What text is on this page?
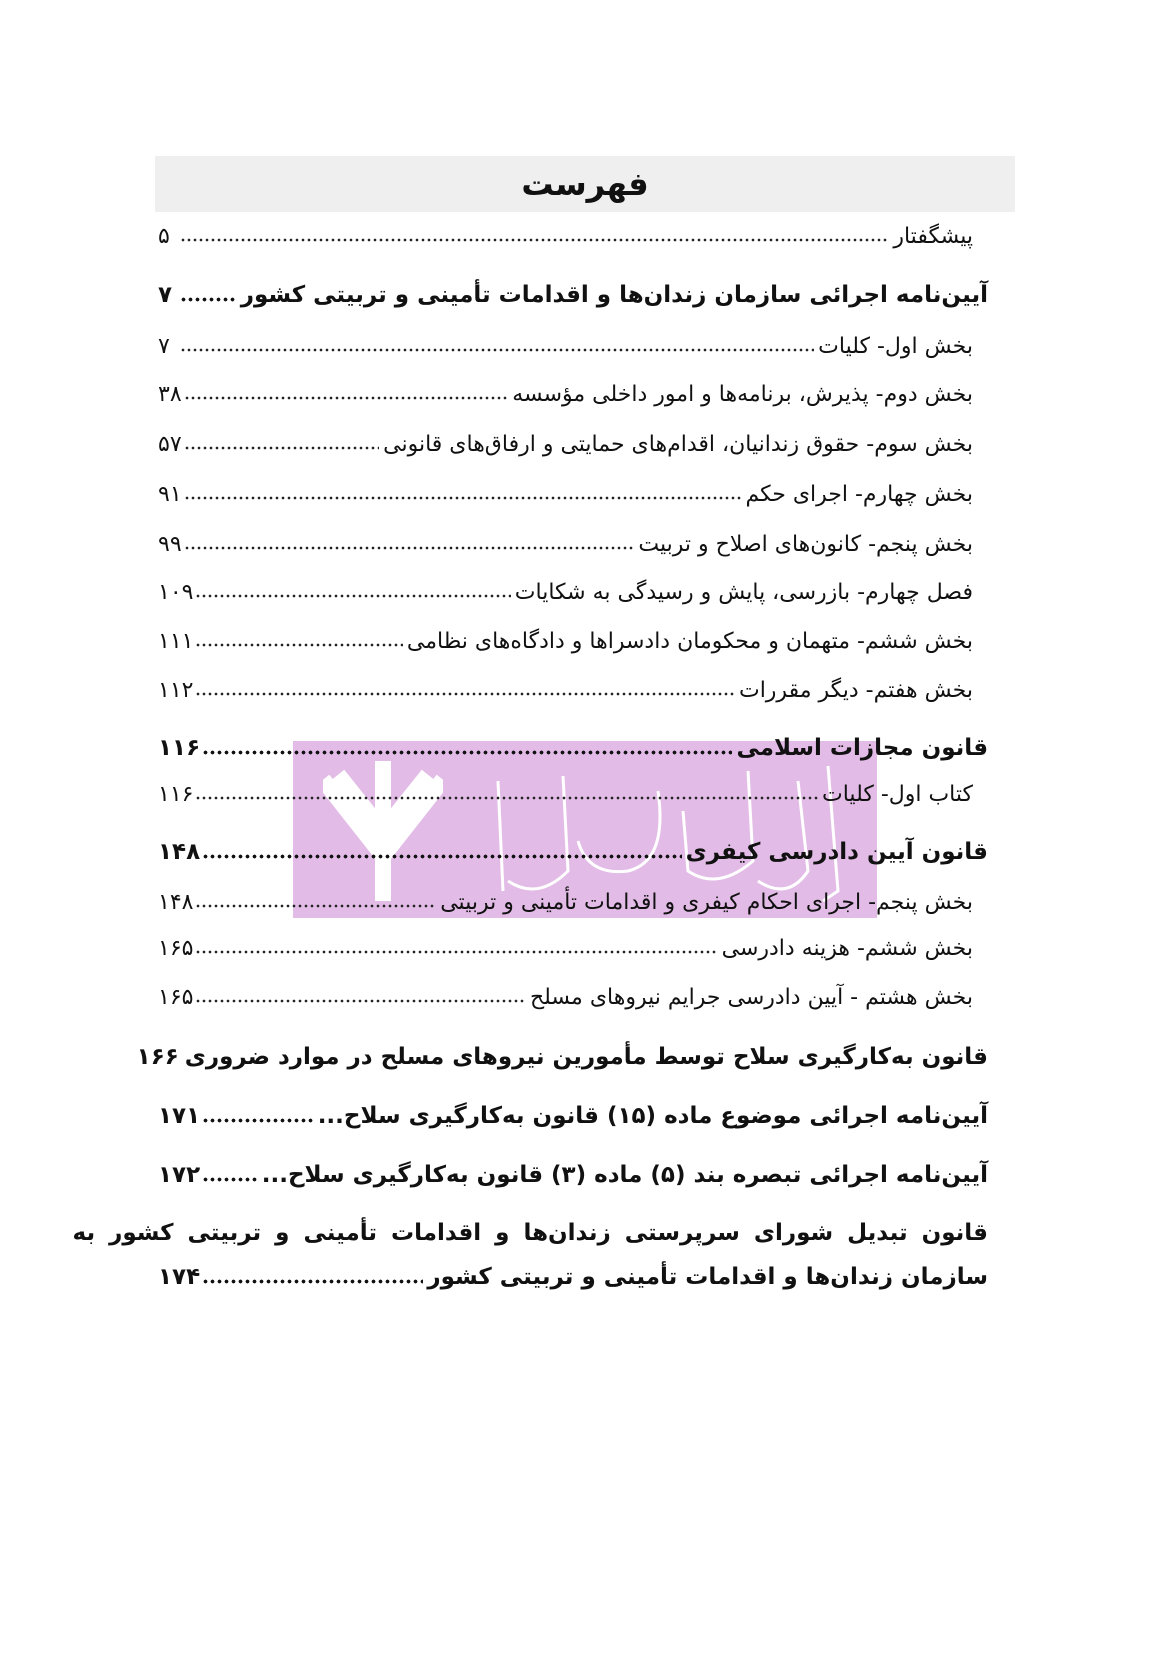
فهرست
پیشگفتار
۵
آیین‌نامه اجرائی سازمان زندان‌ها و اقدامات تأمینی و تربیتی کشور
۷
بخش اول- کلیات
۷
بخش دوم- پذیرش، برنامه‌ها و امور داخلی مؤسسه
۳۸
بخش سوم- حقوق زندانیان، اقدام‌های حمایتی و ارفاق‌های قانونی
۵۷
بخش چهارم- اجرای حکم
۹۱
بخش پنجم- کانون‌های اصلاح و تربیت
۹۹
فصل چهارم- بازرسی، پایش و رسیدگی به شکایات
۱۰۹
بخش ششم- متهمان و محکومان دادسراها و دادگاه‌های نظامی
۱۱۱
بخش هفتم- دیگر مقررات
۱۱۲
قانون مجازات اسلامی
۱۱۶
کتاب اول- کلیات
۱۱۶
قانون آیین دادرسی کیفری
۱۴۸
بخش پنجم- اجرای احکام کیفری و اقدامات تأمینی و تربیتی
۱۴۸
بخش ششم- هزینه دادرسی
۱۶۵
بخش هشتم - آیین دادرسی جرایم نیروهای مسلح
۱۶۵
قانون به‌کارگیری سلاح توسط مأمورین نیروهای مسلح در موارد ضروری
۱۶۶
آیین‌نامه اجرائی موضوع ماده (۱۵) قانون به‌کارگیری سلاح...
۱۷۱
آیین‌نامه اجرائی تبصره بند (۵) ماده (۳) قانون به‌کارگیری سلاح...
۱۷۲
قانون تبدیل شورای سرپرستی زندان‌ها و اقدامات تأمینی و تربیتی کشور به
سازمان زندان‌ها و اقدامات تأمینی و تربیتی کشور
۱۷۴
